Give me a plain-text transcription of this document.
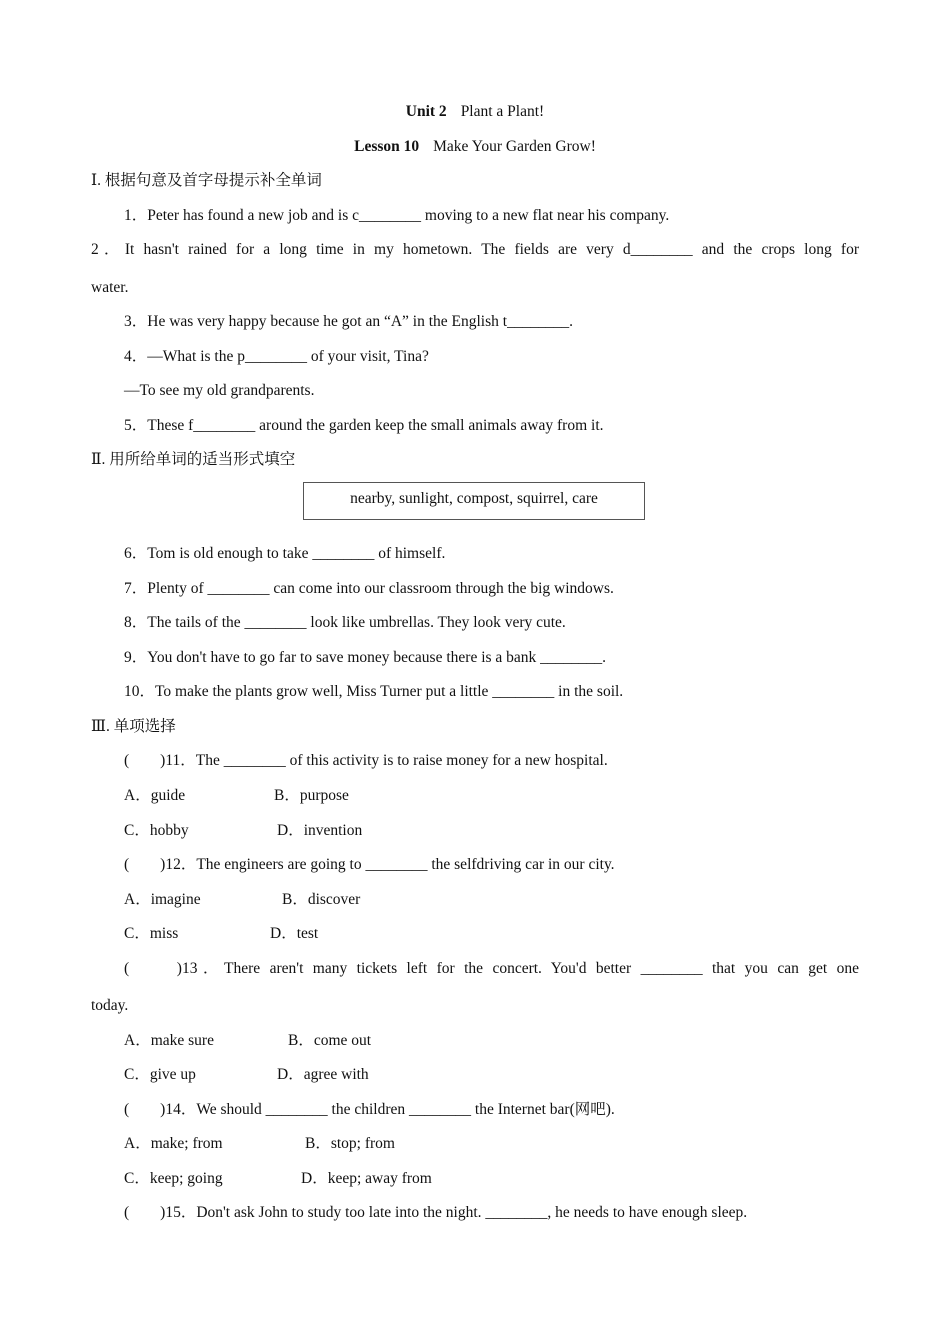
Unit 2 Plant a Plant!
Lesson 10 Make Your Garden Grow!
Ⅰ. 根据句意及首字母提示补全单词
1．Peter has found a new job and is c________ moving to a new flat near his company.
2．It hasn't rained for a long time in my hometown. The fields are very d________ and the crops long for
water.
3．He was very happy because he got an “A” in the English t________.
4．—What is the p________ of your visit, Tina?
—To see my old grandparents.
5．These f________ around the garden keep the small animals away from it.
Ⅱ. 用所给单词的适当形式填空
nearby, sunlight, compost, squirrel, care
6．Tom is old enough to take ________ of himself.
7．Plenty of ________ can come into our classroom through the big windows.
8．The tails of the ________ look like umbrellas. They look very cute.
9．You don't have to go far to save money because there is a bank ________.
10．To make the plants grow well, Miss Turner put a little ________ in the soil.
Ⅲ. 单项选择
(　　)11．The ________ of this activity is to raise money for a new hospital.
A．guide	B．purpose
C．hobby	D．invention
(　　)12．The engineers are going to ________ the selfdriving car in our city.
A．imagine	B．discover
C．miss	D．test
(　　)13．There aren't many tickets left for the concert. You'd better ________ that you can get one
today.
A．make sure	B．come out
C．give up	D．agree with
(　　)14．We should ________ the children ________ the Internet bar(网吧).
A．make; from	B．stop; from
C．keep; going	D．keep; away from
(　　)15．Don't ask John to study too late into the night. ________, he needs to have enough sleep.
